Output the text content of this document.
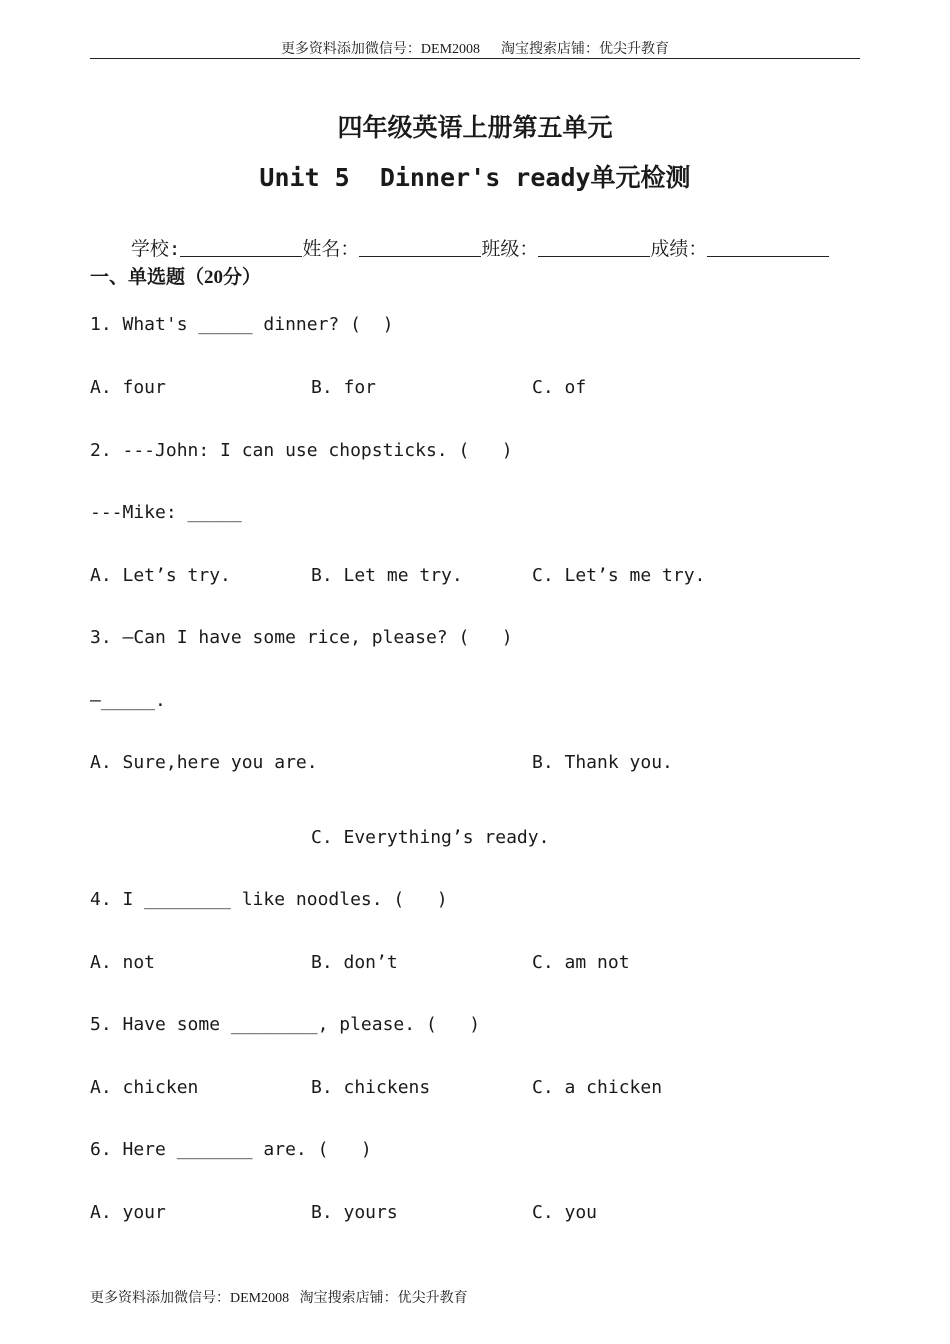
更多资料添加微信号：DEM2008      淘宝搜索店铺：优尖升教育
四年级英语上册第五单元
Unit 5  Dinner's ready单元检测

学校:	姓名：	班级：	成绩：

一、单选题（20分）
1. What's _____ dinner? (  )
A. four	B. for	C. of
2. ---John: I can use chopsticks. (   )
---Mike: _____
A. Let’s try.	B. Let me try.	C. Let’s me try.
3. —Can I have some rice, please? (   )
—_____.
A. Sure,here you are.	B. Thank you.
C. Everything’s ready.
4. I ________ like noodles. (   )
A. not	B. don’t	C. am not
5. Have some ________, please. (   )
A. chicken	B. chickens	C. a chicken
6. Here _______ are. (   )
A. your	B. yours	C. you
更多资料添加微信号：DEM2008   淘宝搜索店铺：优尖升教育
